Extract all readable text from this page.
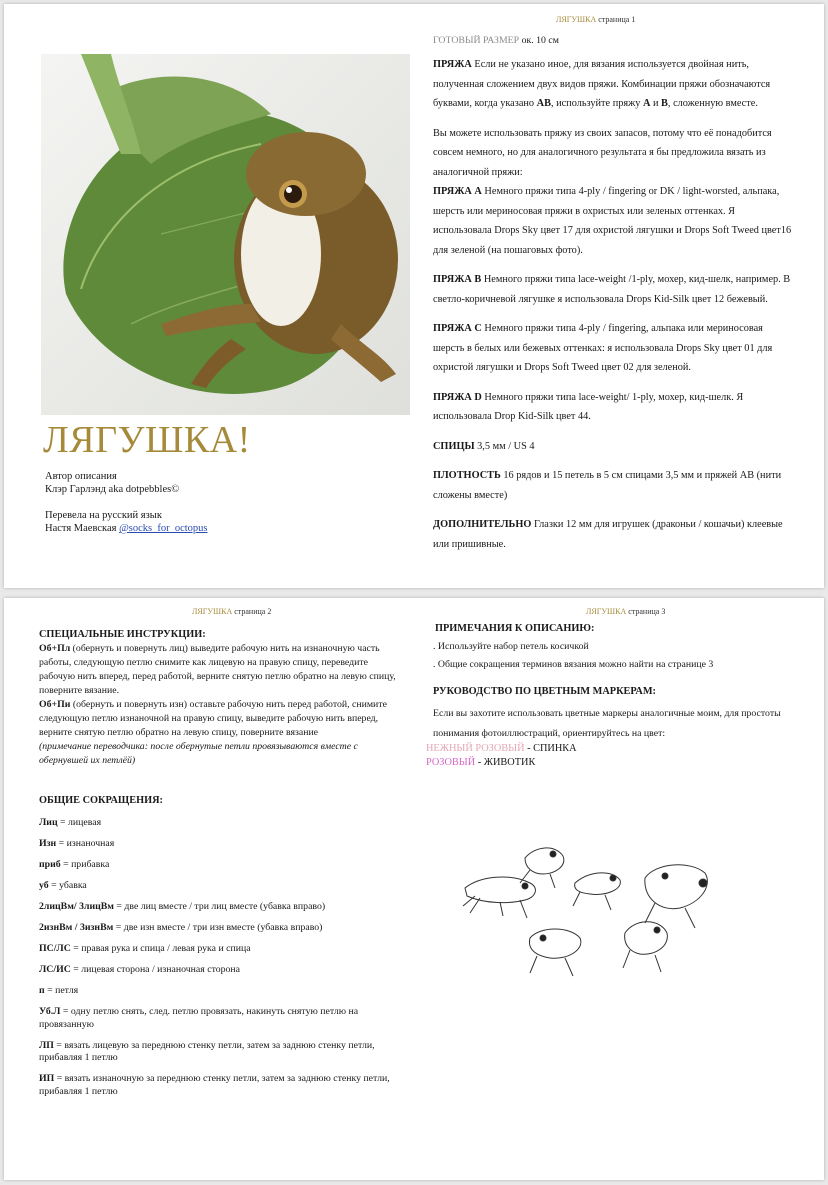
ЛЯГУШКА страница 1
ГОТОВЫЙ РАЗМЕР ок. 10 см
ЛЯГУШКА!
Автор описания
Клэр Гарлэнд aka dotpebbles©
Перевела на русский язык
Настя Маевская @socks_for_octopus

ПРЯЖА Если не указано иное, для вязания используется двойная нить, полученная сложением двух видов пряжи. Комбинации пряжи обозначаются буквами, когда указано АВ, используйте пряжу А и В, сложенную вместе.

Вы можете использовать пряжу из своих запасов, потому что её понадобится совсем немного, но для аналогичного результата я бы предложила вязать из аналогичной пряжи:

ПРЯЖА А Немного пряжи типа 4-ply / fingering or DK / light-worsted, альпака, шерсть или мериносовая пряжи в охристых или зеленых оттенках. Я использовала Drops Sky цвет 17 для охристой лягушки и Drops Soft Tweed цвет16 для зеленой (на пошаговых фото).

ПРЯЖА В Немного пряжи типа lace-weight /1-ply, мохер, кид-шелк, например. В светло-коричневой лягушке я использовала Drops Kid-Silk цвет 12 бежевый.

ПРЯЖА С Немного пряжи типа 4-ply / fingering, альпака или мериносовая шерсть в белых или бежевых оттенках: я использовала Drops Sky цвет 01 для охристой лягушки и Drops Soft Tweed цвет 02 для зеленой.

ПРЯЖА D Немного пряжи типа lace-weight/ 1-ply, мохер, кид-шелк. Я использовала Drop Kid-Silk цвет 44.

СПИЦЫ 3,5 мм / US 4

ПЛОТНОСТЬ 16 рядов и 15 петель в 5 см спицами 3,5 мм и пряжей АВ (нити сложены вместе)

ДОПОЛНИТЕЛЬНО Глазки 12 мм для игрушек (драконьи / кошачьи) клеевые или пришивные.

ЛЯГУШКА страница 2	ЛЯГУШКА страница 3

СПЕЦИАЛЬНЫЕ ИНСТРУКЦИИ:

Об+Пл (обернуть и повернуть лиц) выведите рабочую нить на изнаночную часть работы, следующую петлю снимите как лицевую на правую спицу, переведите рабочую нить вперед, перед работой, верните снятую петлю обратно на левую спицу, поверните вязание.

Об+Пи (обернуть и повернуть изн) оставьте рабочую нить перед работой, снимите следующую петлю изнаночной на правую спицу, выведите рабочую нить вперед, верните снятую петлю обратно на левую спицу, поверните вязание

(примечание переводчика: после обернутые петли провязываются вместе с обернувшей их петлёй)

ОБЩИЕ СОКРАЩЕНИЯ:
Лиц = лицевая
Изн = изнаночная
приб = прибавка
уб = убавка
2лицВм/ 3лицВм = две лиц вместе / три лиц вместе (убавка вправо)
2изнВм / 3изнВм = две изн вместе / три изн вместе (убавка вправо)
ПС/ЛС = правая рука и спица / левая рука и спица
ЛС/ИС = лицевая сторона / изнаночная сторона
п = петля
Уб.Л = одну петлю снять, след. петлю провязать, накинуть снятую петлю на провязанную
ЛП = вязать лицевую за переднюю стенку петли, затем за заднюю стенку петли, прибавляя 1 петлю
ИП = вязать изнаночную за переднюю стенку петли, затем за заднюю стенку петли, прибавляя 1 петлю

ПРИМЕЧАНИЯ К ОПИСАНИЮ:

. Используйте набор петель косичкой

. Общие сокращения терминов вязания можно найти на странице 3

РУКОВОДСТВО ПО ЦВЕТНЫМ МАРКЕРАМ:

Если вы захотите использовать цветные маркеры аналогичные моим, для простоты понимания фотоиллюстраций, ориентируйтесь на цвет:

НЕЖНЫЙ РОЗОВЫЙ - СПИНКА

РОЗОВЫЙ - ЖИВОТИК
